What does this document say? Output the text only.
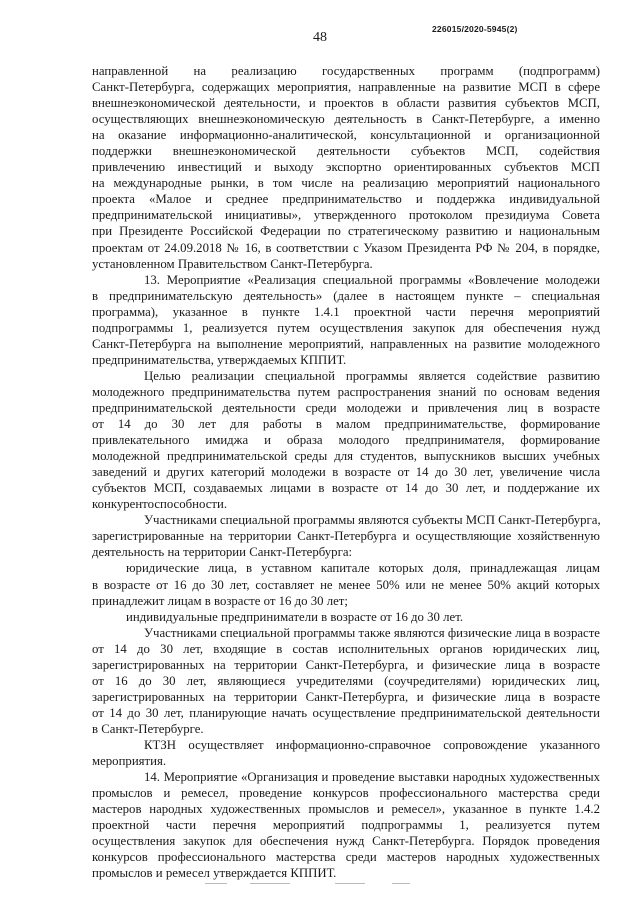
48
226015/2020-5945(2)
направленной на реализацию государственных программ (подпрограмм)
Санкт-Петербурга, содержащих мероприятия, направленные на развитие МСП в сфере
внешнеэкономической деятельности, и проектов в области развития субъектов МСП,
осуществляющих внешнеэкономическую деятельность в Санкт-Петербурге, а именно
на оказание информационно-аналитической, консультационной и организационной
поддержки внешнеэкономической деятельности субъектов МСП, содействия
привлечению инвестиций и выходу экспортно ориентированных субъектов МСП
на международные рынки, в том числе на реализацию мероприятий национального
проекта «Малое и среднее предпринимательство и поддержка индивидуальной
предпринимательской инициативы», утвержденного протоколом президиума Совета
при Президенте Российской Федерации по стратегическому развитию и национальным
проектам от 24.09.2018 № 16, в соответствии с Указом Президента РФ № 204, в порядке,
установленном Правительством Санкт-Петербурга.
13. Мероприятие «Реализация специальной программы «Вовлечение молодежи
в предпринимательскую деятельность» (далее в настоящем пункте – специальная
программа), указанное в пункте 1.4.1 проектной части перечня мероприятий
подпрограммы 1, реализуется путем осуществления закупок для обеспечения нужд
Санкт-Петербурга на выполнение мероприятий, направленных на развитие молодежного
предпринимательства, утверждаемых КППИТ.
Целью реализации специальной программы является содействие развитию
молодежного предпринимательства путем распространения знаний по основам ведения
предпринимательской деятельности среди молодежи и привлечения лиц в возрасте
от 14 до 30 лет для работы в малом предпринимательстве, формирование
привлекательного имиджа и образа молодого предпринимателя, формирование
молодежной предпринимательской среды для студентов, выпускников высших учебных
заведений и других категорий молодежи в возрасте от 14 до 30 лет, увеличение числа
субъектов МСП, создаваемых лицами в возрасте от 14 до 30 лет, и поддержание их
конкурентоспособности.
Участниками специальной программы являются субъекты МСП Санкт-Петербурга,
зарегистрированные на территории Санкт-Петербурга и осуществляющие хозяйственную
деятельность на территории Санкт-Петербурга:
юридические лица, в уставном капитале которых доля, принадлежащая лицам
в возрасте от 16 до 30 лет, составляет не менее 50% или не менее 50% акций которых
принадлежит лицам в возрасте от 16 до 30 лет;
индивидуальные предприниматели в возрасте от 16 до 30 лет.
Участниками специальной программы также являются физические лица в возрасте
от 14 до 30 лет, входящие в состав исполнительных органов юридических лиц,
зарегистрированных на территории Санкт-Петербурга, и физические лица в возрасте
от 16 до 30 лет, являющиеся учредителями (соучредителями) юридических лиц,
зарегистрированных на территории Санкт-Петербурга, и физические лица в возрасте
от 14 до 30 лет, планирующие начать осуществление предпринимательской деятельности
в Санкт-Петербурге.
КТЗН осуществляет информационно-справочное сопровождение указанного
мероприятия.
14. Мероприятие «Организация и проведение выставки народных художественных
промыслов и ремесел, проведение конкурсов профессионального мастерства среди
мастеров народных художественных промыслов и ремесел», указанное в пункте 1.4.2
проектной части перечня мероприятий подпрограммы 1, реализуется путем
осуществления закупок для обеспечения нужд Санкт-Петербурга. Порядок проведения
конкурсов профессионального мастерства среди мастеров народных художественных
промыслов и ремесел утверждается КППИТ.
